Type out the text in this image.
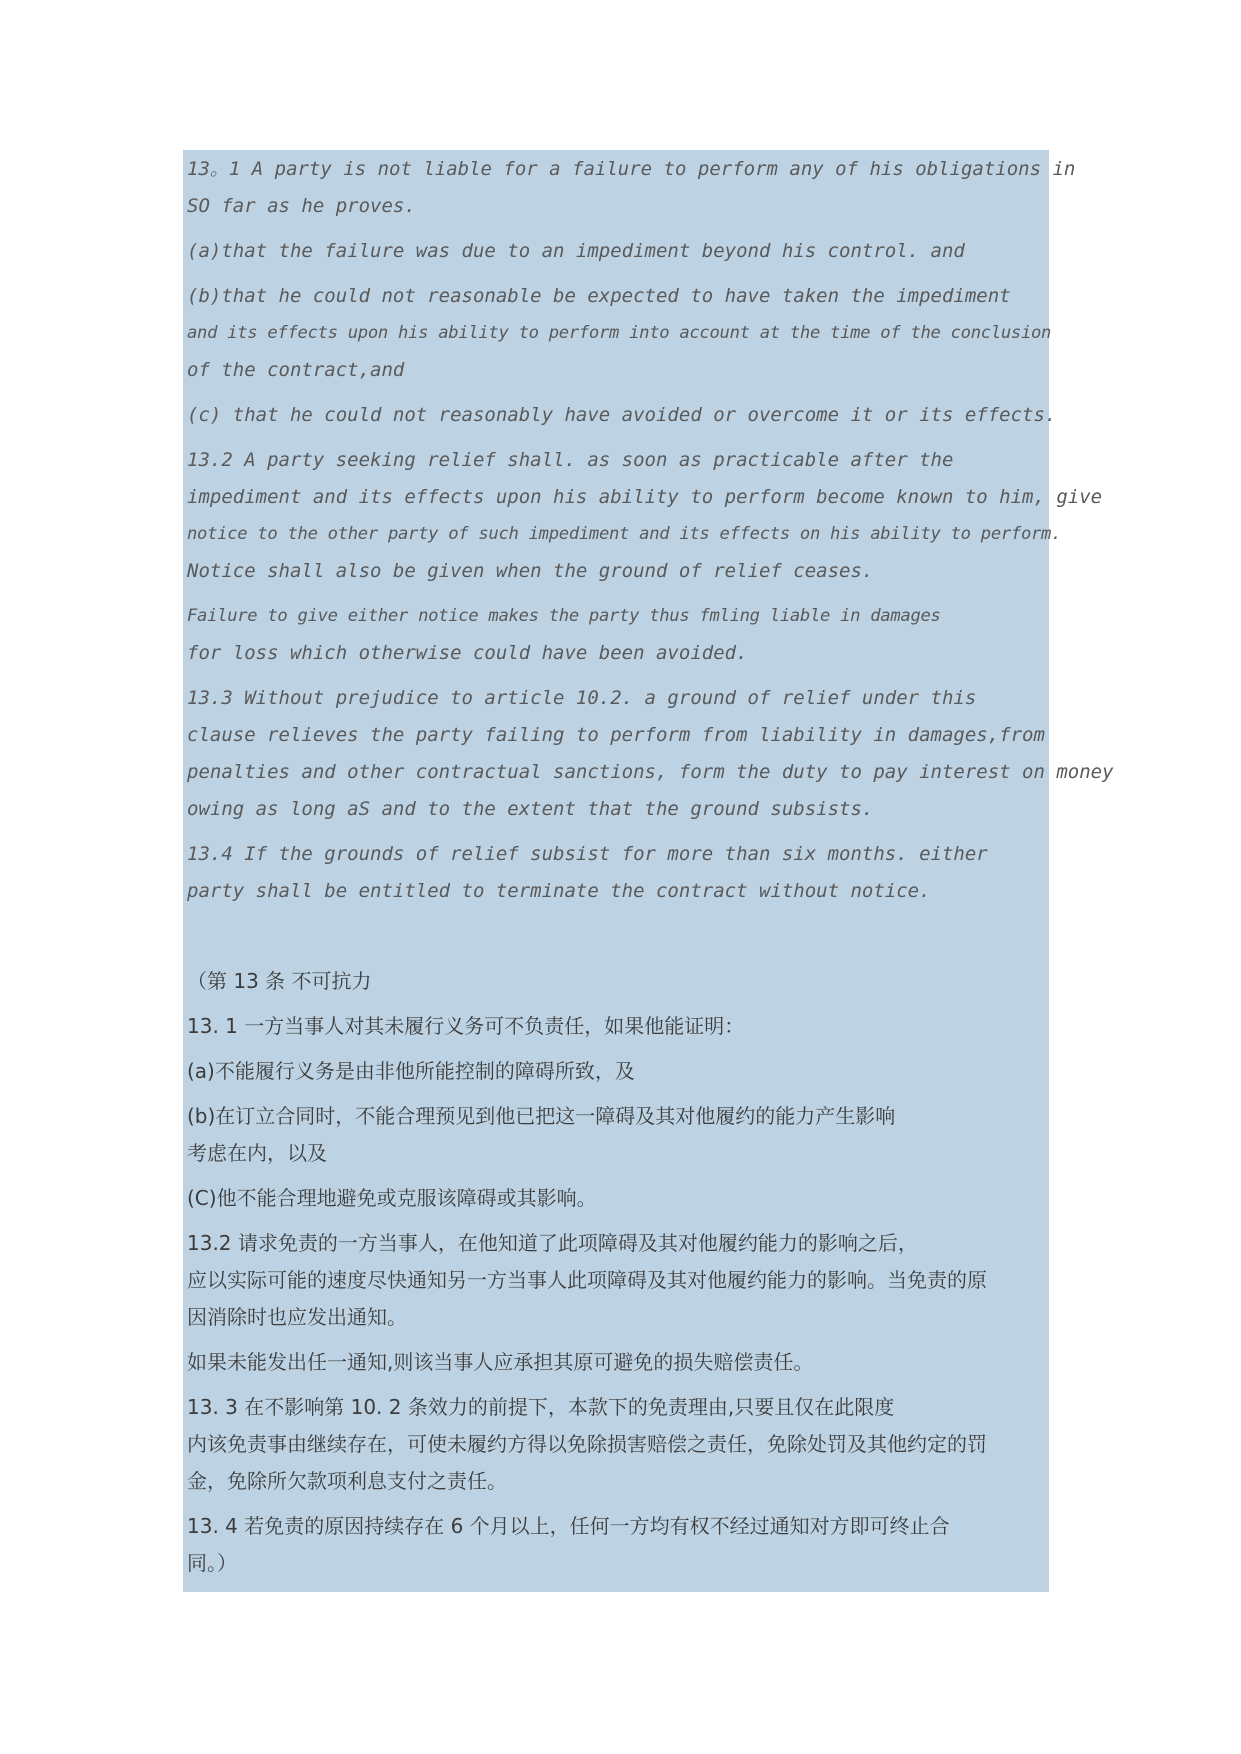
13。1 A party is not liable for a failure to perform any of his obligations in
SO far as he proves.
(a)that the failure was due to an impediment beyond his control. and
(b)that he could not reasonable be expected to have taken the impediment
and its effects upon his ability to perform into account at the time of the conclusion
of the contract,and
(c) that he could not reasonably have avoided or overcome it or its effects.
13.2 A party seeking relief shall. as soon as practicable after the
impediment and its effects upon his ability to perform become known to him, give
notice to the other party of such impediment and its effects on his ability to perform.
Notice shall also be given when the ground of relief ceases.
Failure to give either notice makes the party thus fmling liable in damages
for loss which otherwise could have been avoided.
13.3 Without prejudice to article 10.2. a ground of relief under this
clause relieves the party failing to perform from liability in damages,from
penalties and other contractual sanctions, form the duty to pay interest on money
owing as long aS and to the extent that the ground subsists.
13.4 If the grounds of relief subsist for more than six months. either
party shall be entitled to terminate the contract without notice.
（第 13 条 不可抗力
13. 1 一方当事人对其未履行义务可不负责任，如果他能证明：
(a)不能履行义务是由非他所能控制的障碍所致，及
(b)在订立合同时，不能合理预见到他已把这一障碍及其对他履约的能力产生影响
考虑在内，以及
(C)他不能合理地避免或克服该障碍或其影响。
13.2 请求免责的一方当事人，在他知道了此项障碍及其对他履约能力的影响之后，
应以实际可能的速度尽快通知另一方当事人此项障碍及其对他履约能力的影响。当免责的原
因消除时也应发出通知。
如果未能发出任一通知,则该当事人应承担其原可避免的损失赔偿责任。
13. 3 在不影响第 10. 2 条效力的前提下，本款下的免责理由,只要且仅在此限度
内该免责事由继续存在，可使未履约方得以免除损害赔偿之责任，免除处罚及其他约定的罚
金，免除所欠款项利息支付之责任。
13. 4 若免责的原因持续存在 6 个月以上，任何一方均有权不经过通知对方即可终止合
同。）
